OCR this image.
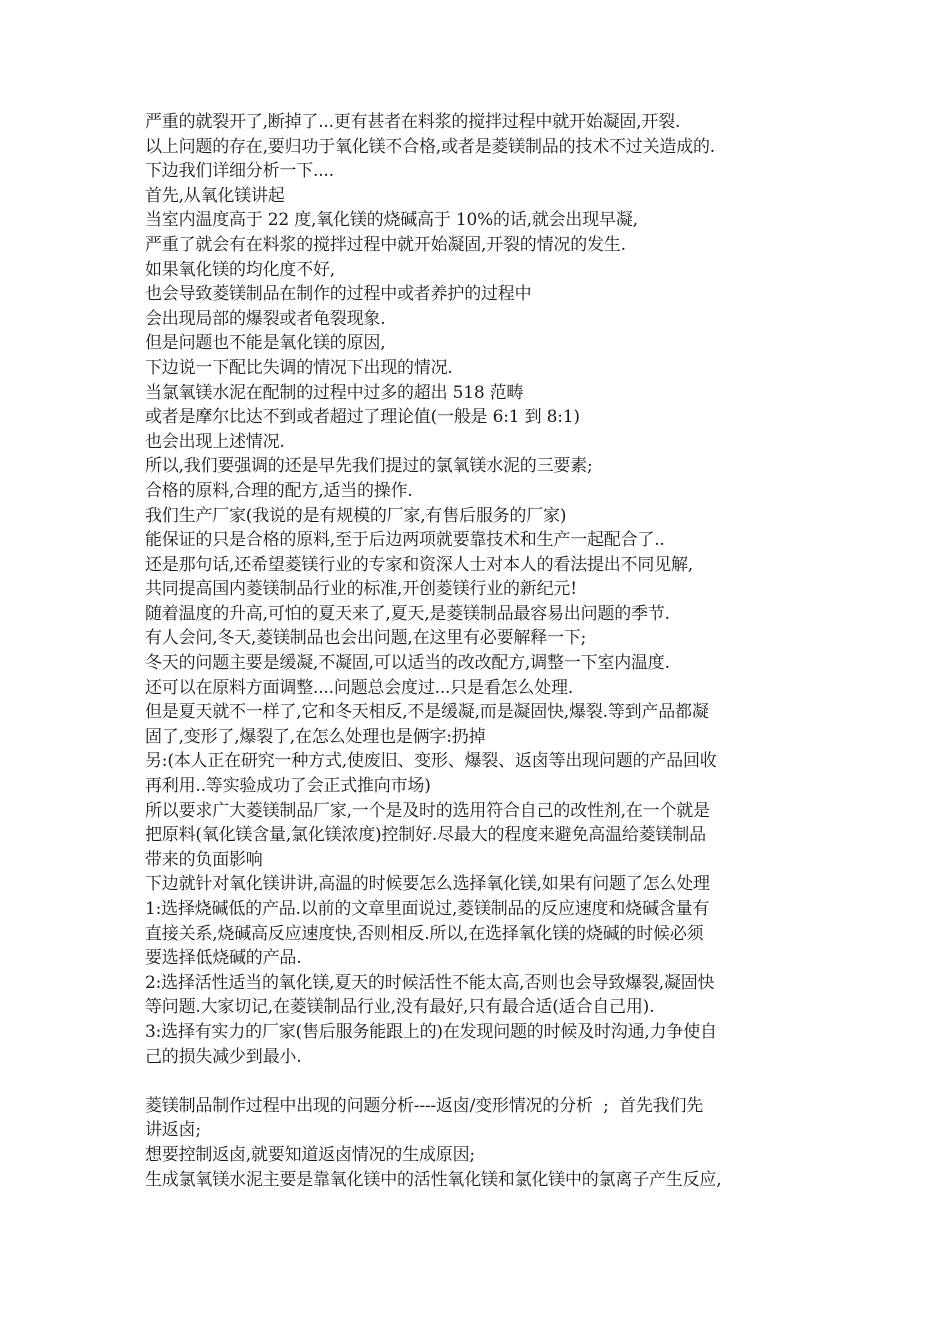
严重的就裂开了,断掉了...更有甚者在料浆的搅拌过程中就开始凝固,开裂.

以上问题的存在,要归功于氧化镁不合格,或者是菱镁制品的技术不过关造成的.

下边我们详细分析一下....

首先,从氧化镁讲起

当室内温度高于 22 度,氧化镁的烧碱高于 10%的话,就会出现早凝,

严重了就会有在料浆的搅拌过程中就开始凝固,开裂的情况的发生.

如果氧化镁的均化度不好,

也会导致菱镁制品在制作的过程中或者养护的过程中

会出现局部的爆裂或者龟裂现象.

但是问题也不能是氧化镁的原因,

下边说一下配比失调的情况下出现的情况.

当氯氧镁水泥在配制的过程中过多的超出 518 范畴

或者是摩尔比达不到或者超过了理论值(一般是 6:1 到 8:1)

也会出现上述情况.

所以,我们要强调的还是早先我们提过的氯氧镁水泥的三要素;

合格的原料,合理的配方,适当的操作.

我们生产厂家(我说的是有规模的厂家,有售后服务的厂家)

能保证的只是合格的原料,至于后边两项就要靠技术和生产一起配合了..

还是那句话,还希望菱镁行业的专家和资深人士对本人的看法提出不同见解,

共同提高国内菱镁制品行业的标准,开创菱镁行业的新纪元!

随着温度的升高,可怕的夏天来了,夏天,是菱镁制品最容易出问题的季节.

有人会问,冬天,菱镁制品也会出问题,在这里有必要解释一下;

冬天的问题主要是缓凝,不凝固,可以适当的改改配方,调整一下室内温度.

还可以在原料方面调整....问题总会度过...只是看怎么处理.

但是夏天就不一样了,它和冬天相反,不是缓凝,而是凝固快,爆裂.等到产品都凝

固了,变形了,爆裂了,在怎么处理也是俩字:扔掉

另:(本人正在研究一种方式,使废旧、变形、爆裂、返卤等出现问题的产品回收

再利用..等实验成功了会正式推向市场)

所以要求广大菱镁制品厂家,一个是及时的选用符合自己的改性剂,在一个就是

把原料(氧化镁含量,氯化镁浓度)控制好.尽最大的程度来避免高温给菱镁制品

带来的负面影响

下边就针对氧化镁讲讲,高温的时候要怎么选择氧化镁,如果有问题了怎么处理

1:选择烧碱低的产品.以前的文章里面说过,菱镁制品的反应速度和烧碱含量有

直接关系,烧碱高反应速度快,否则相反.所以,在选择氧化镁的烧碱的时候必须

要选择低烧碱的产品.

2:选择活性适当的氧化镁,夏天的时候活性不能太高,否则也会导致爆裂,凝固快

等问题.大家切记,在菱镁制品行业,没有最好,只有最合适(适合自己用).

3:选择有实力的厂家(售后服务能跟上的)在发现问题的时候及时沟通,力争使自

己的损失减少到最小.

菱镁制品制作过程中出现的问题分析----返卤/变形情况的分析  ;  首先我们先

讲返卤;

想要控制返卤,就要知道返卤情况的生成原因;

生成氯氧镁水泥主要是靠氧化镁中的活性氧化镁和氯化镁中的氯离子产生反应,
